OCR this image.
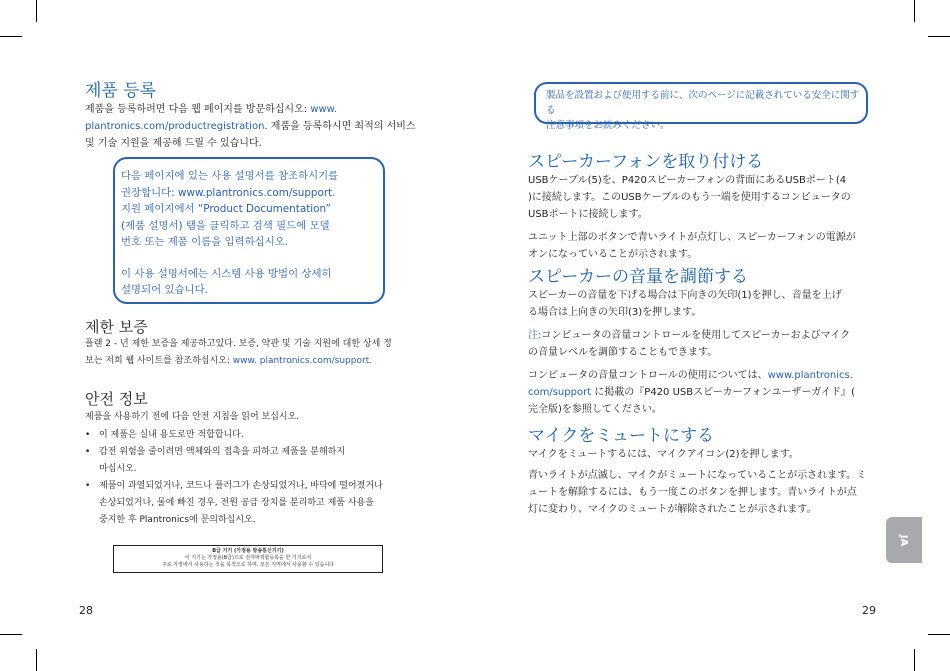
제품 등록
제품을 등록하려면 다음 웹 페이지를 방문하십시오: www.
plantronics.com/productregistration. 제품을 등록하시면 최적의 서비스
및 기술 지원을 제공해 드릴 수 있습니다.
다음 페이지에 있는 사용 설명서를 참조하시기를
권장합니다: www.plantronics.com/support.
지원 페이지에서 “Product Documentation”
(제품 설명서) 탭을 클릭하고 검색 필드에 모델
번호 또는 제품 이름을 입력하십시오.
이 사용 설명서에는 시스템 사용 방법이 상세히
설명되어 있습니다.
제한 보증
플랜 2 - 년 제한 보증을 제공하고있다. 보증, 약관 및 기술 지원에 대한 상세 정
보는 저희 웹 사이트를 참조하십시오: www. plantronics.com/support.
안전 정보
제품을 사용하기 전에 다음 안전 지침을 읽어 보십시오.
• 이 제품은 실내 용도로만 적합합니다.
• 감전 위험을 줄이려면 액체와의 접촉을 피하고 제품을 분해하지
마십시오.
• 제품이 과열되었거나, 코드나 플러그가 손상되었거나, 바닥에 떨어졌거나
손상되었거나, 물에 빠진 경우, 전원 공급 장치를 분리하고 제품 사용을
중지한 후 Plantronics에 문의하십시오.
B급 기기 (가정용 방송통신기기)
이 기기는 가정용(B급)으로 전자파적합등록을 한 기기로서
주로 가정에서 사용하는 것을 목적으로 하며, 모든 지역에서 사용할 수 있습니다
28
製品を設置および使用する前に、次のページに記載されている安全に関する
注意事項をお読みください。
スピーカーフォンを取り付ける
USBケーブル(5)を、P420スピーカーフォンの背面にあるUSBポート(4
)に接続します。このUSBケーブルのもう一端を使用するコンピュータの
USBポートに接続します。
ユニット上部のボタンで青いライトが点灯し、スピーカーフォンの電源が
オンになっていることが示されます。
スピーカーの音量を調節する
スピーカーの音量を下げる場合は下向きの矢印(1)を押し、音量を上げ
る場合は上向きの矢印(3)を押します。
注:コンピュータの音量コントロールを使用してスピーカーおよびマイク
の音量レベルを調節することもできます。
コンピュータの音量コントロールの使用については、www.plantronics.
com/support に掲載の『P420 USBスピーカーフォンユーザーガイド』(
完全版)を参照してください。
マイクをミュートにする
マイクをミュートするには、マイクアイコン(2)を押します。
青いライトが点滅し、マイクがミュートになっていることが示されます。ミ
ュートを解除するには、もう一度このボタンを押します。青いライトが点
灯に変わり、マイクのミュートが解除されたことが示されます。
29
JA
